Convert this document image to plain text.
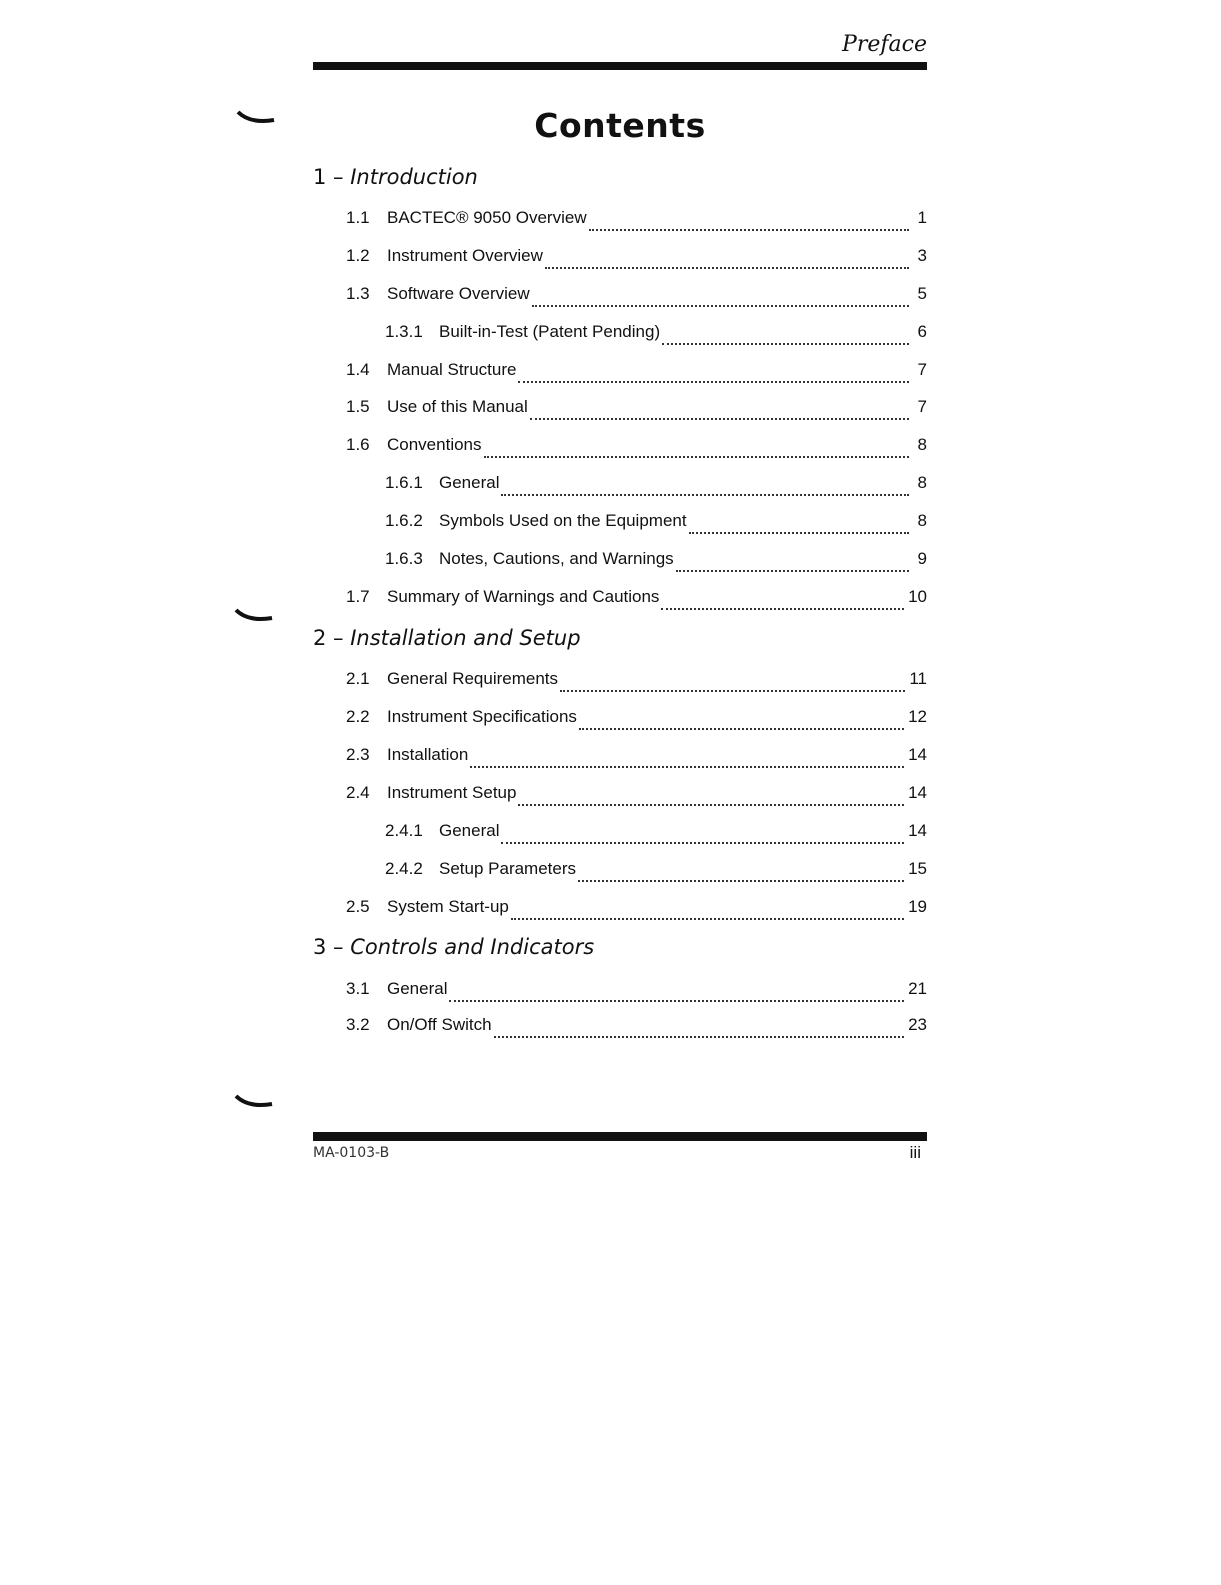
Preface
Contents
1 – Introduction
1.1	BACTEC® 9050 Overview	1
1.2	Instrument Overview	3
1.3	Software Overview	5
1.3.1 Built-in-Test (Patent Pending)	6
1.4	Manual Structure	7
1.5	Use of this Manual	7
1.6	Conventions	8
1.6.1 General	8
1.6.2 Symbols Used on the Equipment	8
1.6.3 Notes, Cautions, and Warnings	9
1.7	Summary of Warnings and Cautions	10
2 – Installation and Setup
2.1	General Requirements	11
2.2	Instrument Specifications	12
2.3	Installation	14
2.4	Instrument Setup	14
2.4.1 General	14
2.4.2 Setup Parameters	15
2.5	System Start-up	19
3 – Controls and Indicators
3.1	General	21
3.2	On/Off Switch	23
MA-0103-B	iii
